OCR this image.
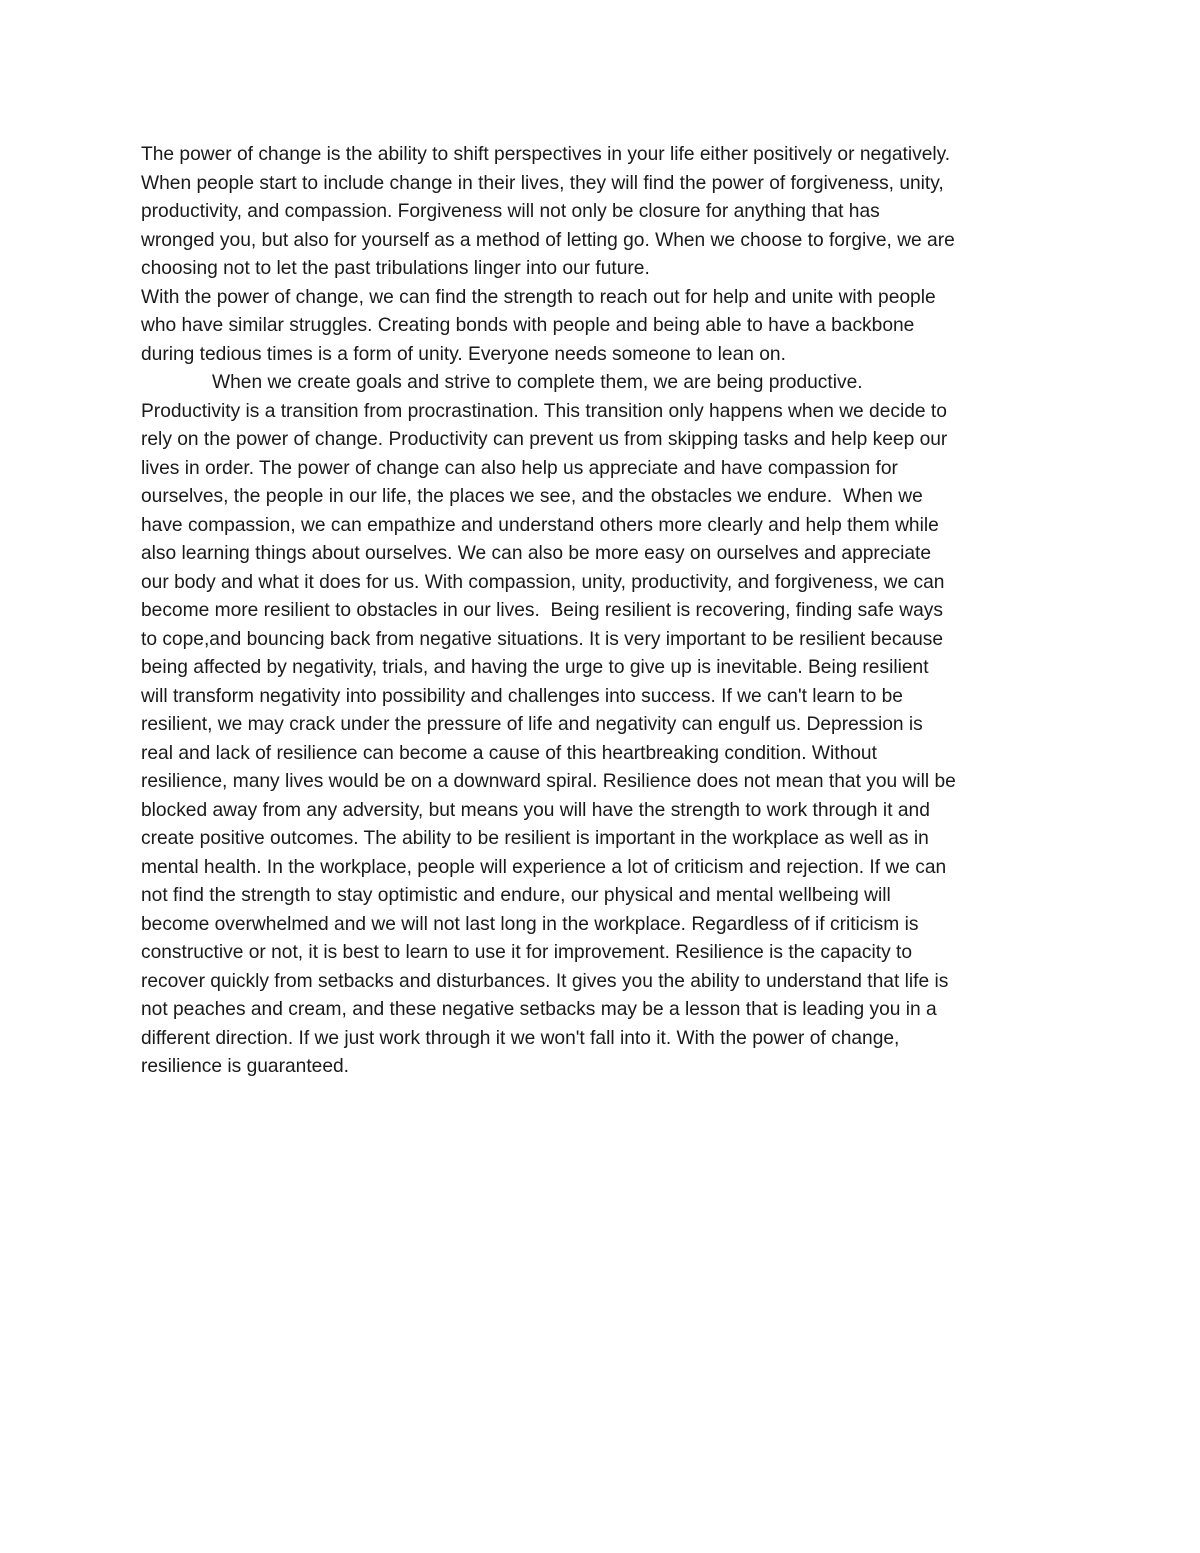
The power of change is the ability to shift perspectives in your life either positively or negatively.
When people start to include change in their lives, they will find the power of forgiveness, unity,
productivity, and compassion. Forgiveness will not only be closure for anything that has
wronged you, but also for yourself as a method of letting go. When we choose to forgive, we are
choosing not to let the past tribulations linger into our future.
With the power of change, we can find the strength to reach out for help and unite with people
who have similar struggles. Creating bonds with people and being able to have a backbone
during tedious times is a form of unity. Everyone needs someone to lean on.
When we create goals and strive to complete them, we are being productive.
Productivity is a transition from procrastination. This transition only happens when we decide to
rely on the power of change. Productivity can prevent us from skipping tasks and help keep our
lives in order. The power of change can also help us appreciate and have compassion for
ourselves, the people in our life, the places we see, and the obstacles we endure.  When we
have compassion, we can empathize and understand others more clearly and help them while
also learning things about ourselves. We can also be more easy on ourselves and appreciate
our body and what it does for us. With compassion, unity, productivity, and forgiveness, we can
become more resilient to obstacles in our lives.  Being resilient is recovering, finding safe ways
to cope,and bouncing back from negative situations. It is very important to be resilient because
being affected by negativity, trials, and having the urge to give up is inevitable. Being resilient
will transform negativity into possibility and challenges into success. If we can't learn to be
resilient, we may crack under the pressure of life and negativity can engulf us. Depression is
real and lack of resilience can become a cause of this heartbreaking condition. Without
resilience, many lives would be on a downward spiral. Resilience does not mean that you will be
blocked away from any adversity, but means you will have the strength to work through it and
create positive outcomes. The ability to be resilient is important in the workplace as well as in
mental health. In the workplace, people will experience a lot of criticism and rejection. If we can
not find the strength to stay optimistic and endure, our physical and mental wellbeing will
become overwhelmed and we will not last long in the workplace. Regardless of if criticism is
constructive or not, it is best to learn to use it for improvement. Resilience is the capacity to
recover quickly from setbacks and disturbances. It gives you the ability to understand that life is
not peaches and cream, and these negative setbacks may be a lesson that is leading you in a
different direction. If we just work through it we won't fall into it. With the power of change,
resilience is guaranteed.
